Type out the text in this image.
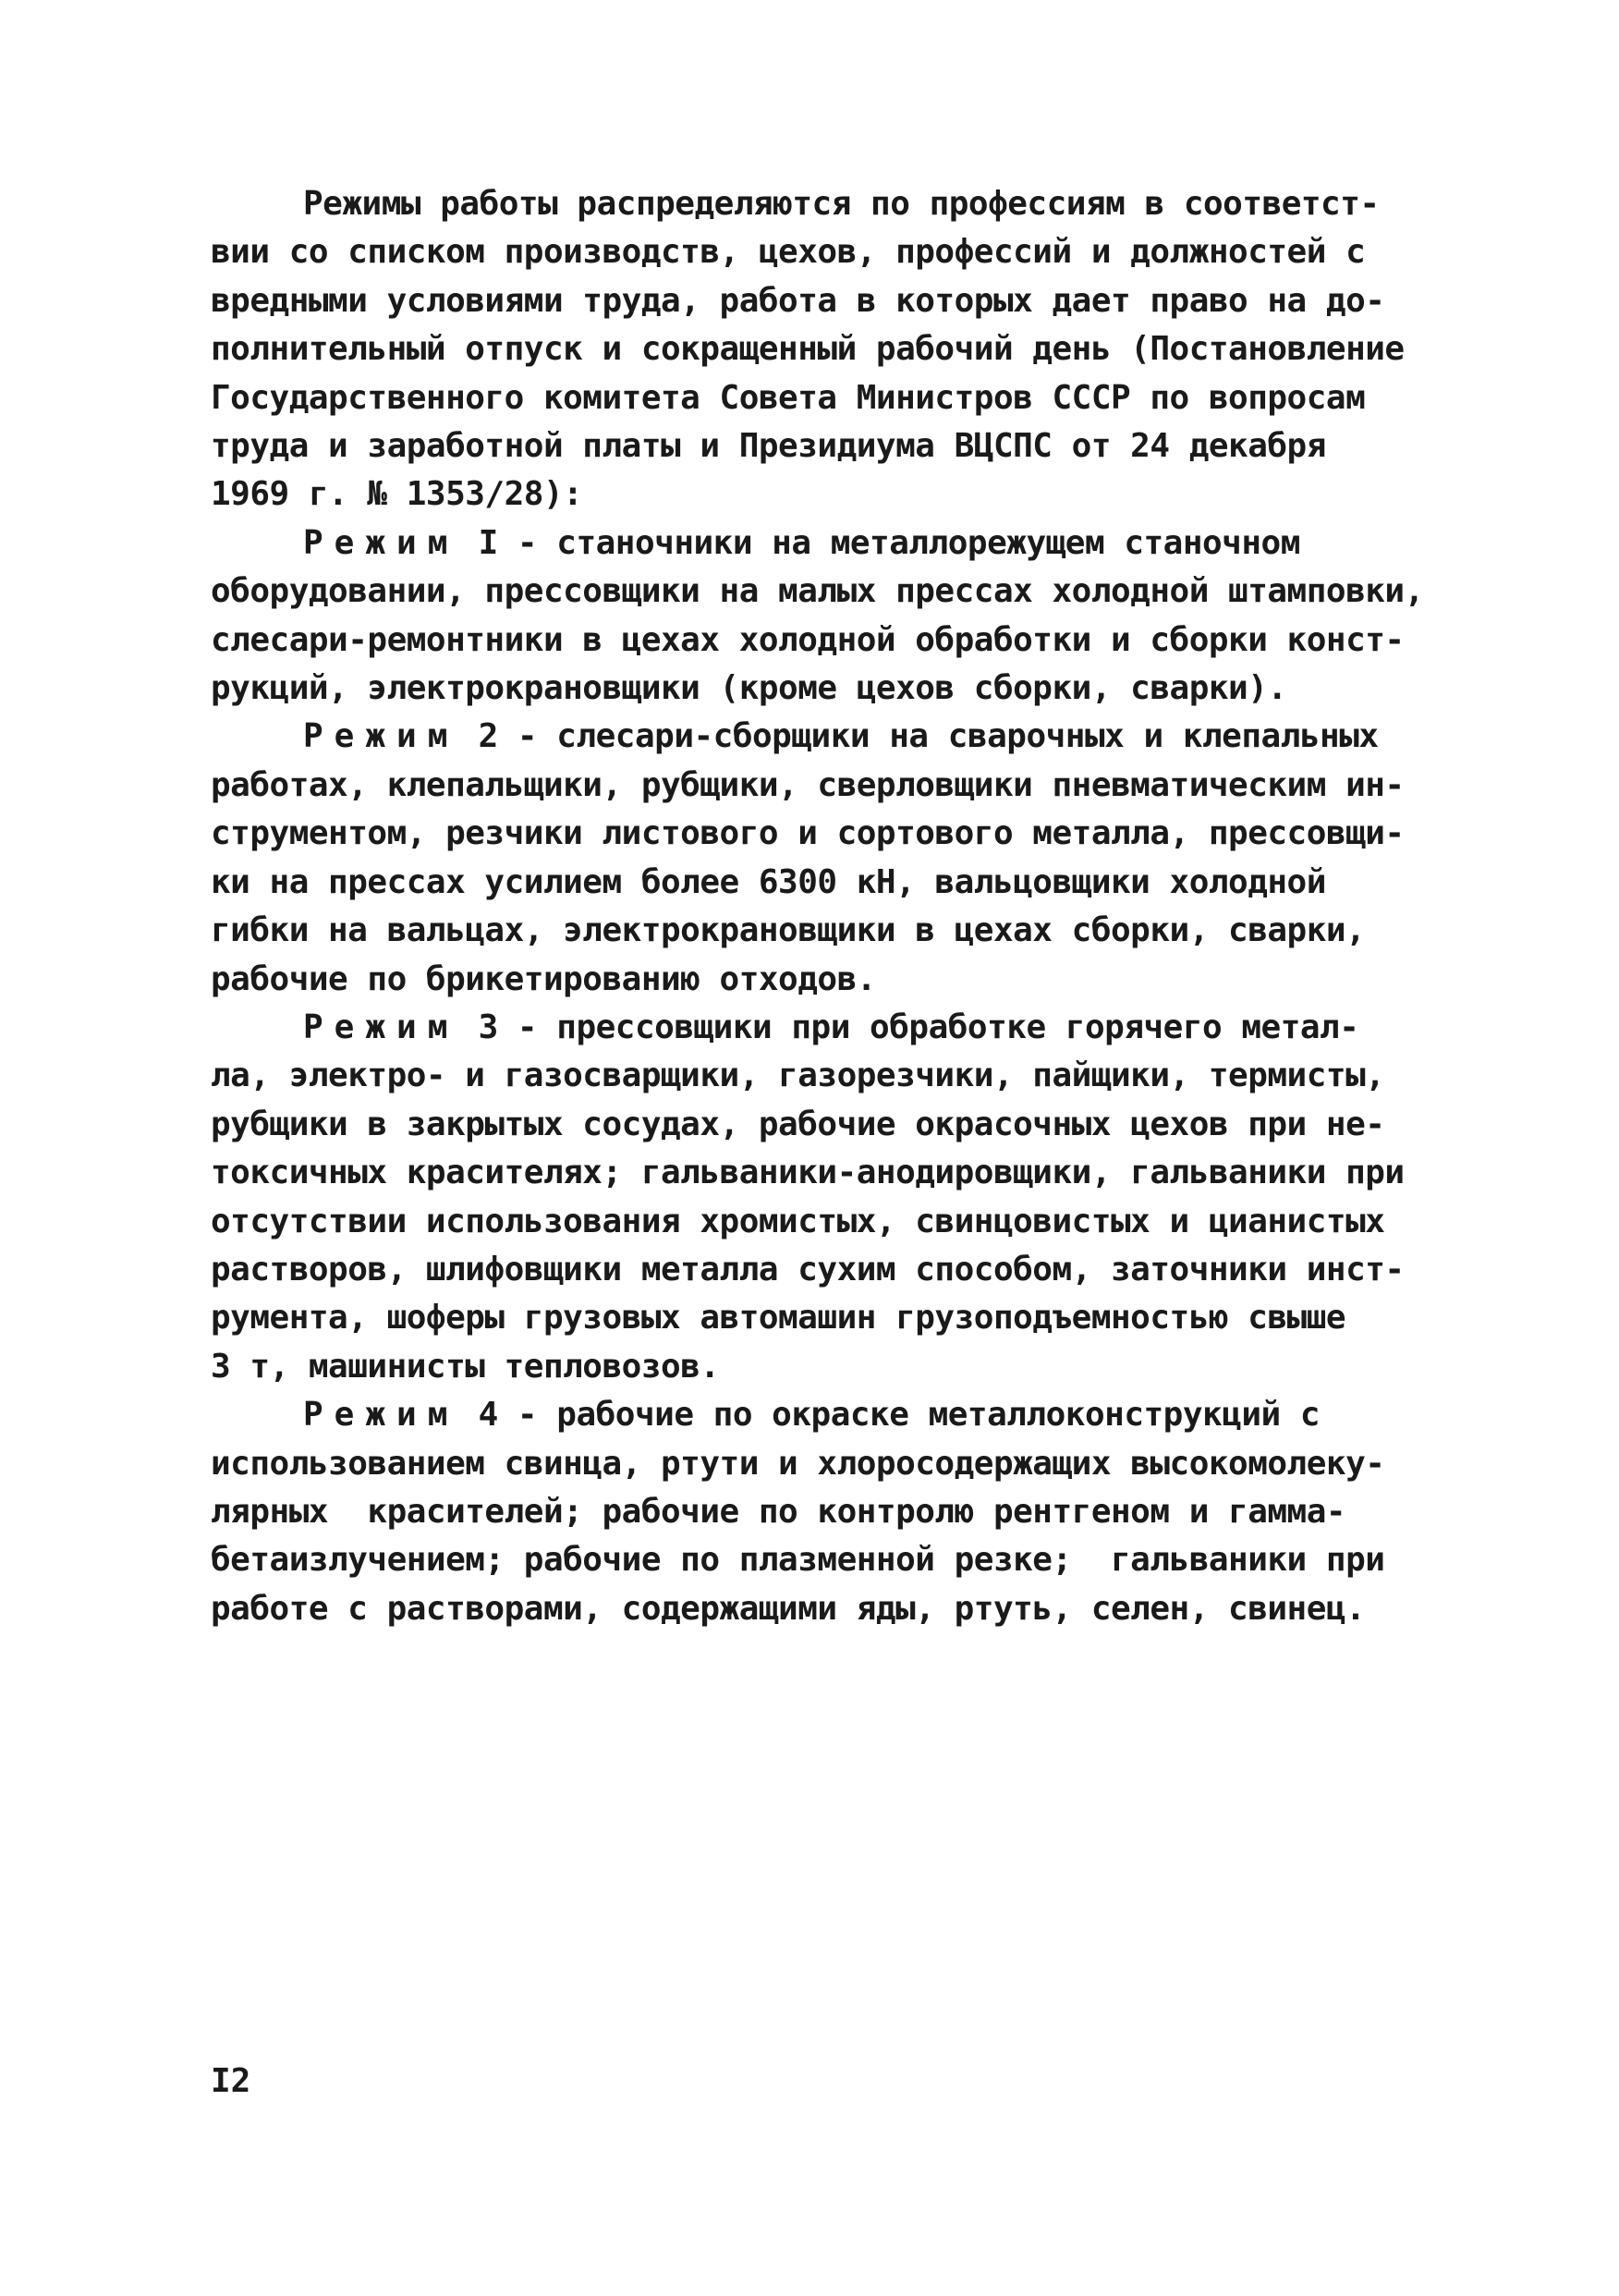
Режимы работы распределяются по профессиям в соответст-
вии со списком производств, цехов, профессий и должностей с
вредными условиями труда, работа в которых дает право на до-
полнительный отпуск и сокращенный рабочий день (Постановление
Государственного комитета Совета Министров СССР по вопросам
труда и заработной платы и Президиума ВЦСПС от 24 декабря
1969 г. № 1353/28):
Режим I - станочники на металлорежущем станочном
оборудовании, прессовщики на малых прессах холодной штамповки,
слесари-ремонтники в цехах холодной обработки и сборки конст-
рукций, электрокрановщики (кроме цехов сборки, сварки).
Режим 2 - слесари-сборщики на сварочных и клепальных
работах, клепальщики, рубщики, сверловщики пневматическим ин-
струментом, резчики листового и сортового металла, прессовщи-
ки на прессах усилием более 6300 кН, вальцовщики холодной
гибки на вальцах, электрокрановщики в цехах сборки, сварки,
рабочие по брикетированию отходов.
Режим 3 - прессовщики при обработке горячего метал-
ла, электро- и газосварщики, газорезчики, пайщики, термисты,
рубщики в закрытых сосудах, рабочие окрасочных цехов при не-
токсичных красителях; гальваники-анодировщики, гальваники при
отсутствии использования хромистых, свинцовистых и цианистых
растворов, шлифовщики металла сухим способом, заточники инст-
румента, шоферы грузовых автомашин грузоподъемностью свыше
3 т, машинисты тепловозов.
Режим 4 - рабочие по окраске металлоконструкций с
использованием свинца, ртути и хлоросодержащих высокомолеку-
лярных  красителей; рабочие по контролю рентгеном и гамма-
бетаизлучением; рабочие по плазменной резке;  гальваники при
работе с растворами, содержащими яды, ртуть, селен, свинец.
I2
